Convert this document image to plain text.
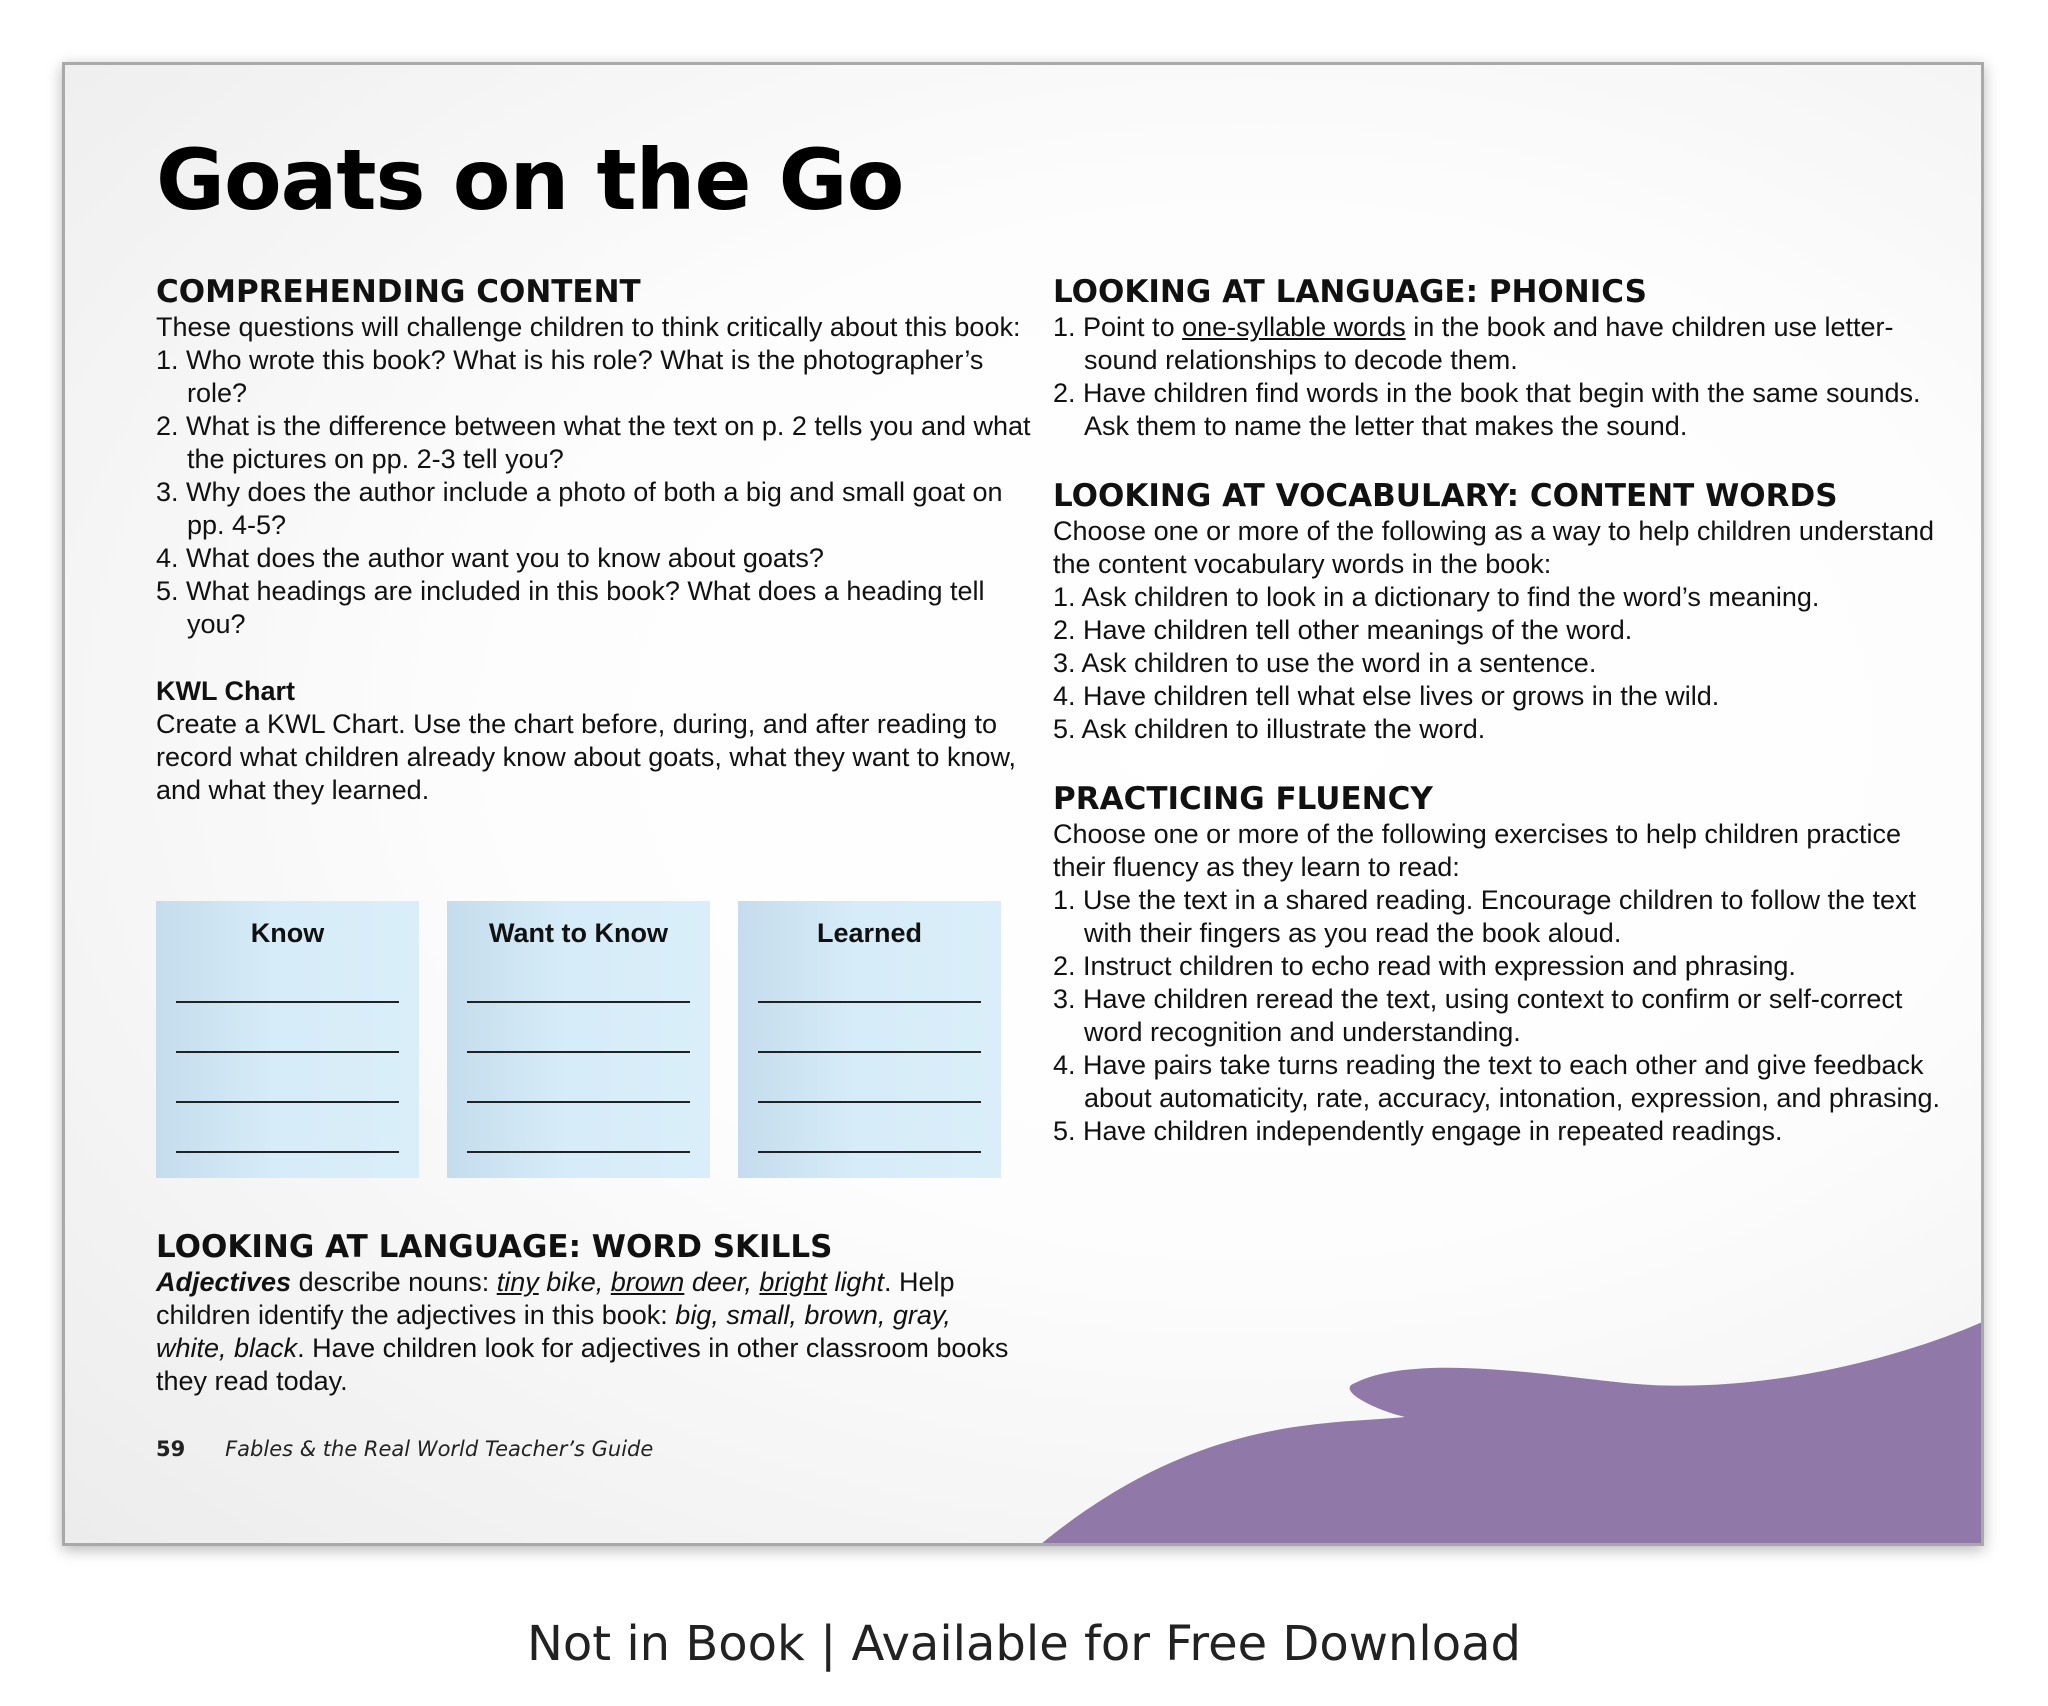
Goats on the Go

COMPREHENDING CONTENT

These questions will challenge children to think critically about this book:

1. Who wrote this book? What is his role? What is the photographer’s role?
2. What is the difference between what the text on p. 2 tells you and what the pictures on pp. 2-3 tell you?
3. Why does the author include a photo of both a big and small goat on pp. 4-5?
4. What does the author want you to know about goats?
5. What headings are included in this book? What does a heading tell you?

KWL Chart

Create a KWL Chart. Use the chart before, during, and after reading to record what children already know about goats, what they want to know, and what they learned.

Know	Want to Know	Learned

LOOKING AT LANGUAGE: WORD SKILLS

Adjectives describe nouns: tiny bike, brown deer, bright light. Help children identify the adjectives in this book: big, small, brown, gray, white, black. Have children look for adjectives in other classroom books they read today.

LOOKING AT LANGUAGE: PHONICS

1. Point to one-syllable words in the book and have children use letter-sound relationships to decode them.
2. Have children find words in the book that begin with the same sounds. Ask them to name the letter that makes the sound.

LOOKING AT VOCABULARY: CONTENT WORDS

Choose one or more of the following as a way to help children understand the content vocabulary words in the book:

1. Ask children to look in a dictionary to find the word’s meaning.
2. Have children tell other meanings of the word.
3. Ask children to use the word in a sentence.
4. Have children tell what else lives or grows in the wild.
5. Ask children to illustrate the word.

PRACTICING FLUENCY

Choose one or more of the following exercises to help children practice their fluency as they learn to read:

1. Use the text in a shared reading. Encourage children to follow the text with their fingers as you read the book aloud.
2. Instruct children to echo read with expression and phrasing.
3. Have children reread the text, using context to confirm or self-correct word recognition and understanding.
4. Have pairs take turns reading the text to each other and give feedback about automaticity, rate, accuracy, intonation, expression, and phrasing.
5. Have children independently engage in repeated readings.
59 Fables & the Real World Teacher’s Guide
Not in Book | Available for Free Download
